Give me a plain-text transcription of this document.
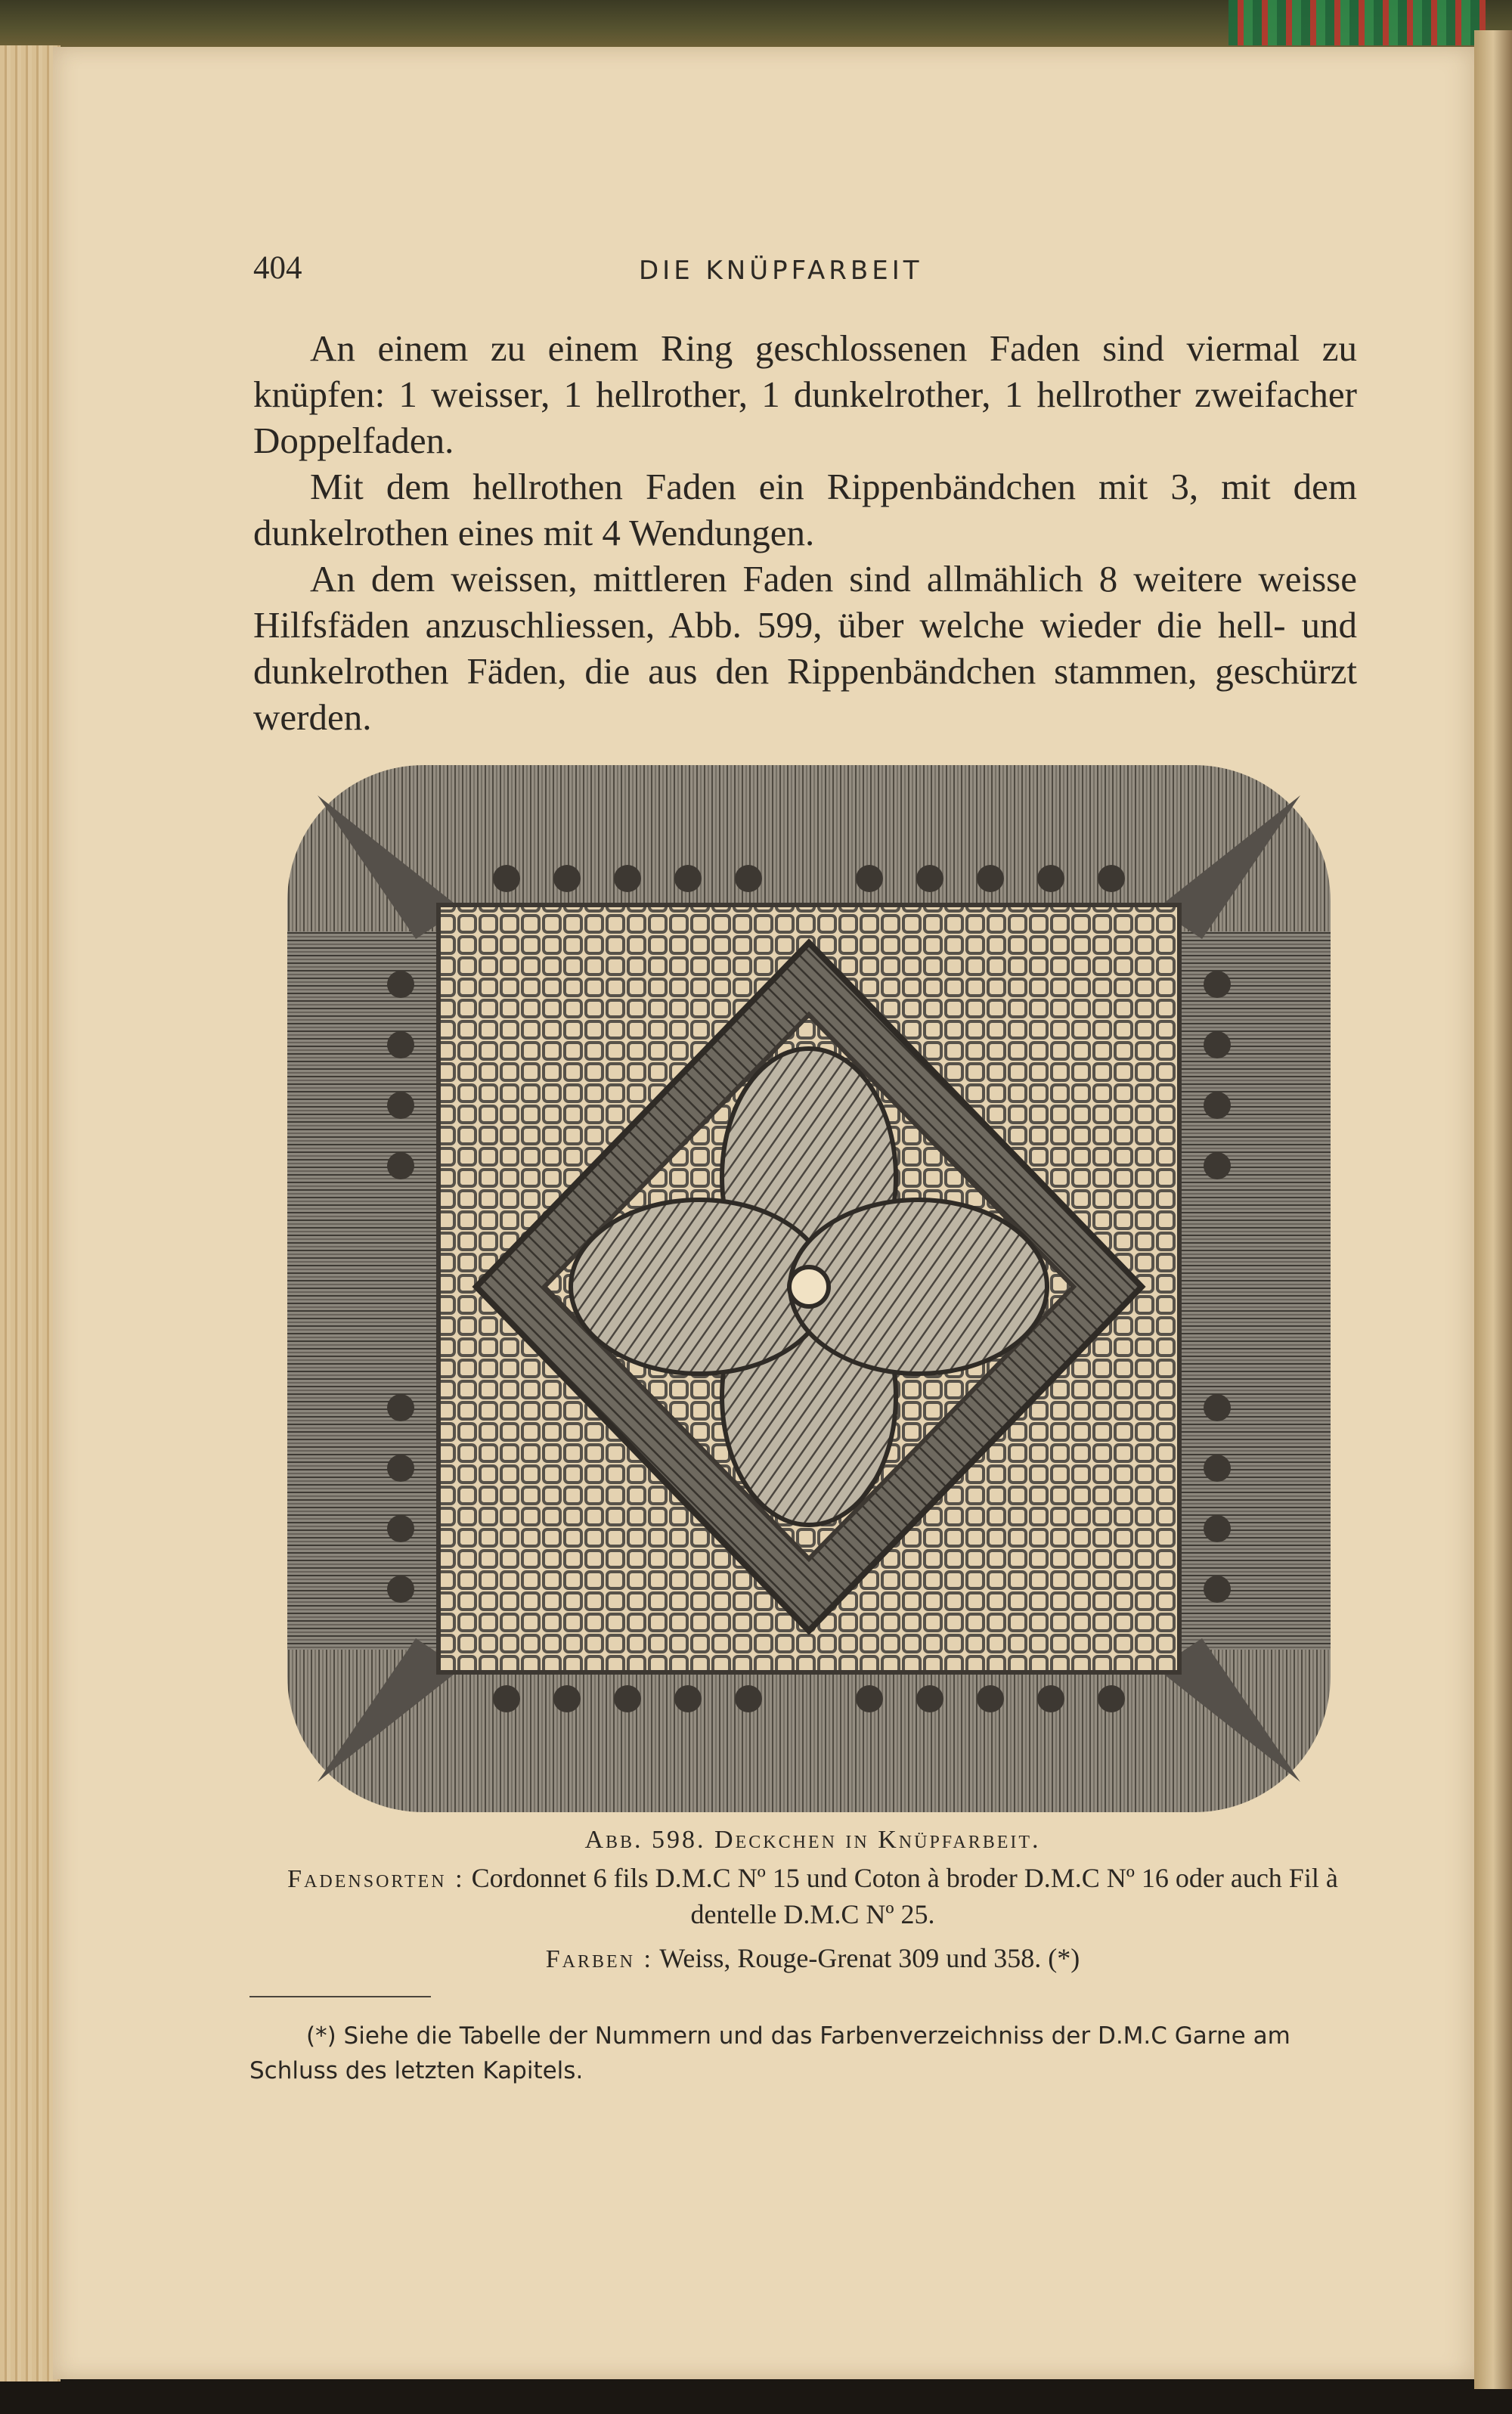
404	DIE KNÜPFARBEIT

An einem zu einem Ring geschlossenen Faden sind viermal zu knüpfen: 1 weisser, 1 hellrother, 1 dunkelrother, 1 hellrother zweifacher Doppelfaden.

Mit dem hellrothen Faden ein Rippenbändchen mit 3, mit dem dunkelrothen eines mit 4 Wendungen.

An dem weissen, mittleren Faden sind allmählich 8 weitere weisse Hilfsfäden anzuschliessen, Abb. 599, über welche wieder die hell- und dunkelrothen Fäden, die aus den Rippenbändchen stammen, geschürzt werden.

Abb. 598. Deckchen in Knüpfarbeit.
Fadensorten : Cordonnet 6 fils D.M.C Nº 15 und Coton à broder D.M.C Nº 16 oder auch Fil à dentelle D.M.C Nº 25.
Farben : Weiss, Rouge-Grenat 309 und 358. (*)
(*) Siehe die Tabelle der Nummern und das Farbenverzeichniss der D.M.C Garne am Schluss des letzten Kapitels.
